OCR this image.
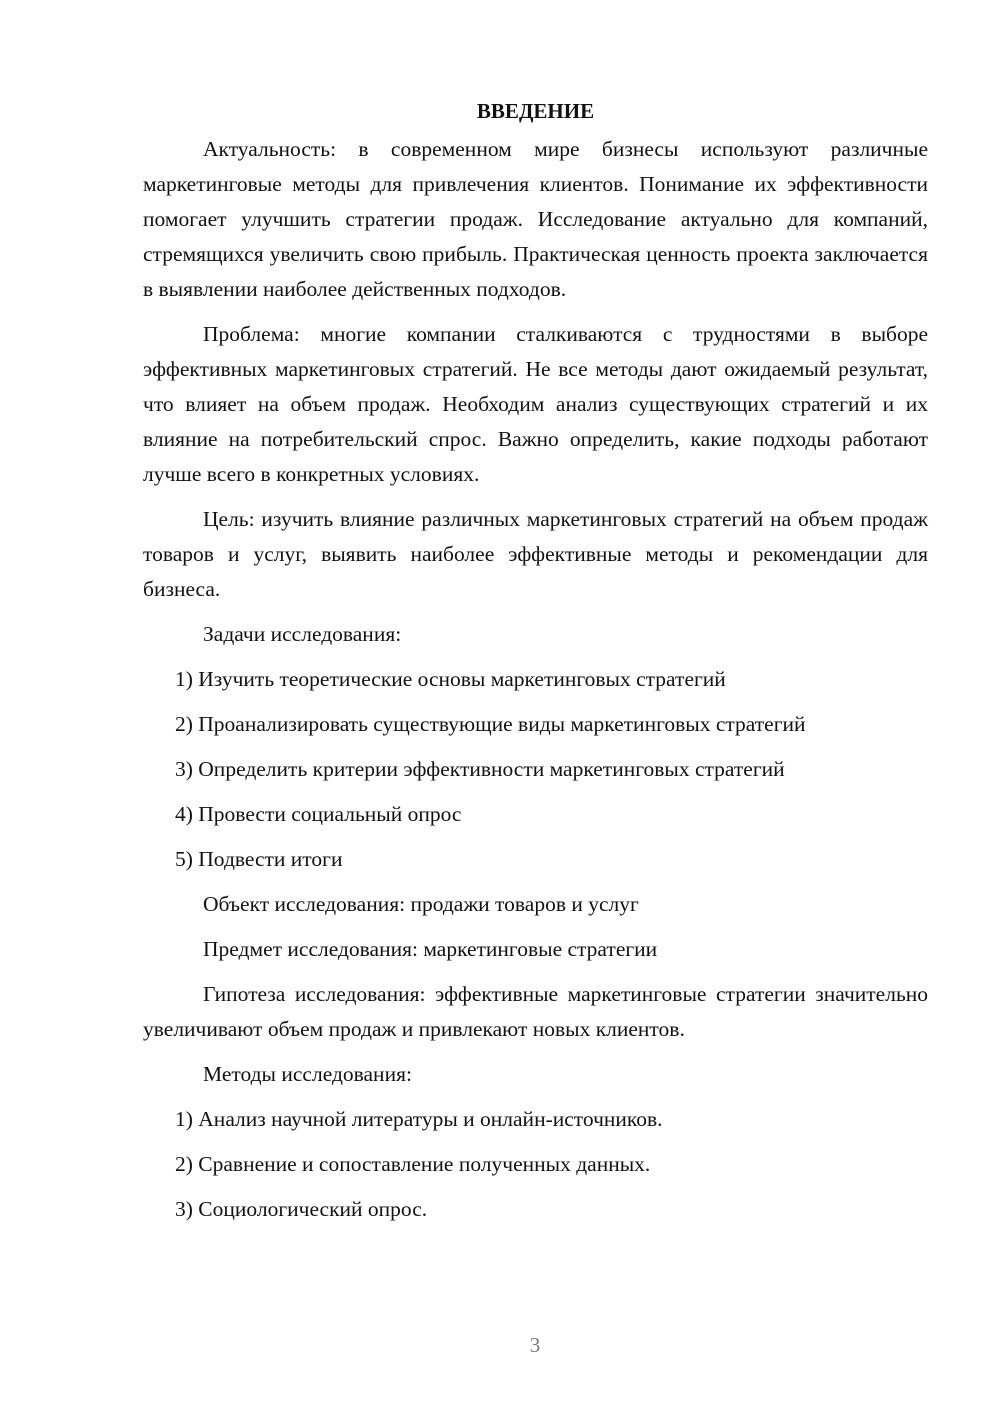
ВВЕДЕНИЕ

Актуальность: в современном мире бизнесы используют различные маркетинговые методы для привлечения клиентов. Понимание их эффективности помогает улучшить стратегии продаж. Исследование актуально для компаний, стремящихся увеличить свою прибыль. Практическая ценность проекта заключается в выявлении наиболее действенных подходов.

Проблема: многие компании сталкиваются с трудностями в выборе эффективных маркетинговых стратегий. Не все методы дают ожидаемый результат, что влияет на объем продаж. Необходим анализ существующих стратегий и их влияние на потребительский спрос. Важно определить, какие подходы работают лучше всего в конкретных условиях.

Цель: изучить влияние различных маркетинговых стратегий на объем продаж товаров и услуг, выявить наиболее эффективные методы и рекомендации для бизнеса.

Задачи исследования:

1) Изучить теоретические основы маркетинговых стратегий
2) Проанализировать существующие виды маркетинговых стратегий
3) Определить критерии эффективности маркетинговых стратегий
4) Провести социальный опрос
5) Подвести итоги

Объект исследования: продажи товаров и услуг

Предмет исследования: маркетинговые стратегии

Гипотеза исследования: эффективные маркетинговые стратегии значительно увеличивают объем продаж и привлекают новых клиентов.

Методы исследования:

1) Анализ научной литературы и онлайн-источников.
2) Сравнение и сопоставление полученных данных.
3) Социологический опрос.
3
